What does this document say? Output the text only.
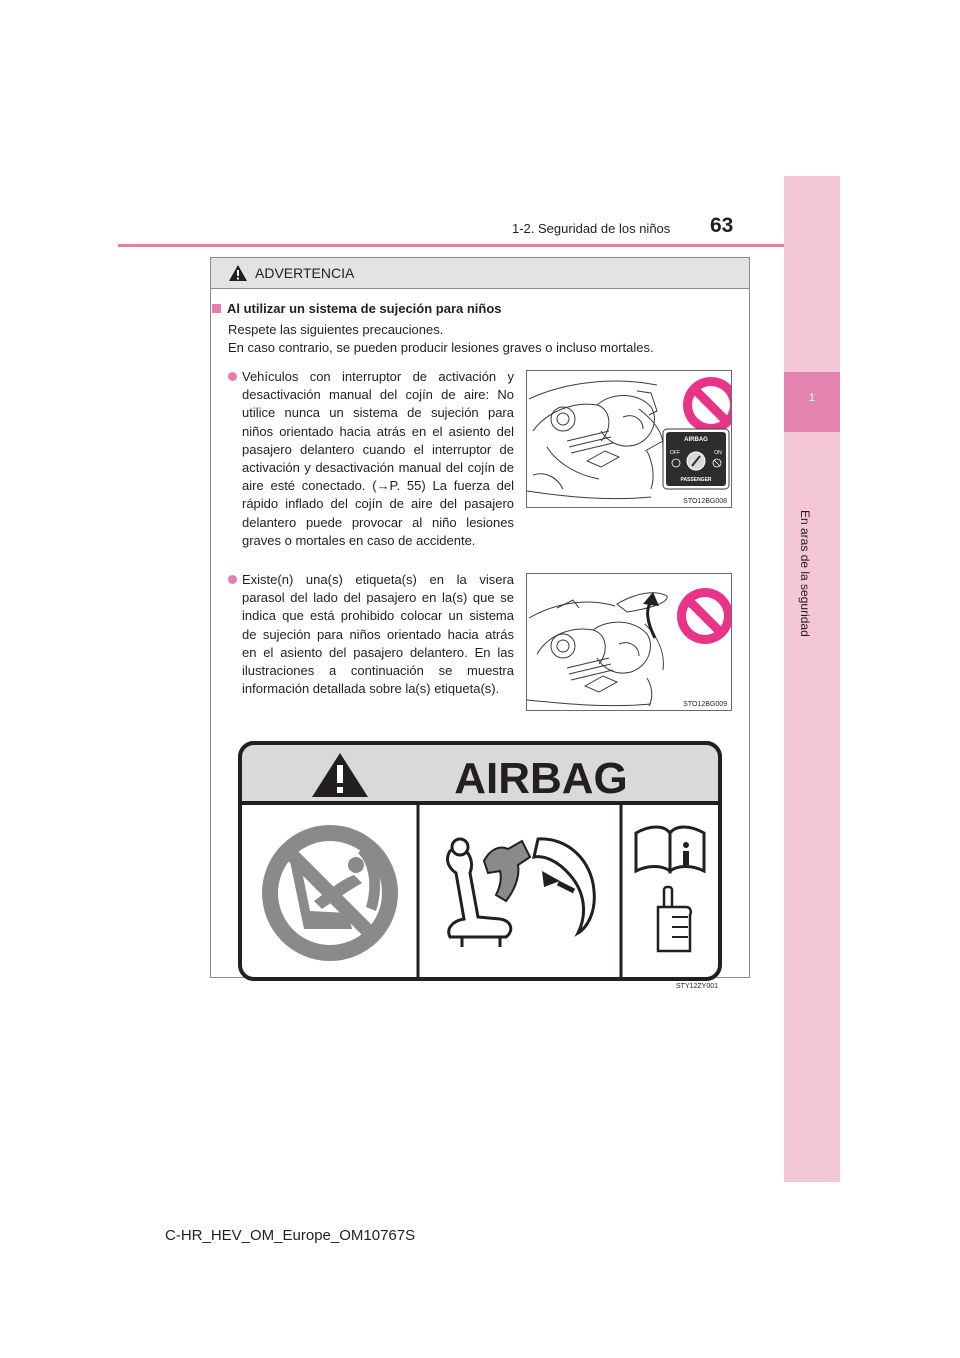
1
En aras de la seguridad
1-2. Seguridad de los niños 63
ADVERTENCIA
Al utilizar un sistema de sujeción para niños
Respete las siguientes precauciones.
En caso contrario, se pueden producir lesiones graves o incluso mortales.
Vehículos con interruptor de activación y desactivación manual del cojín de aire: No utilice nunca un sistema de sujeción para niños orientado hacia atrás en el asiento del pasajero delantero cuando el interruptor de activación y desactivación manual del cojín de aire esté conectado. (→P. 55) La fuerza del rápido inflado del cojín de aire del pasajero delantero puede provocar al niño lesiones graves o mortales en caso de accidente.
AIRBAG
OFF	ON
PASSENGER
STO12BG008
Existe(n) una(s) etiqueta(s) en la visera parasol del lado del pasajero en la(s) que se indica que está prohibido colocar un sistema de sujeción para niños orientado hacia atrás en el asiento del pasajero delantero. En las ilustraciones a continuación se muestra información detallada sobre la(s) etiqueta(s).
STO12BG009
AIRBAG
STY12ZY001
C-HR_HEV_OM_Europe_OM10767S
